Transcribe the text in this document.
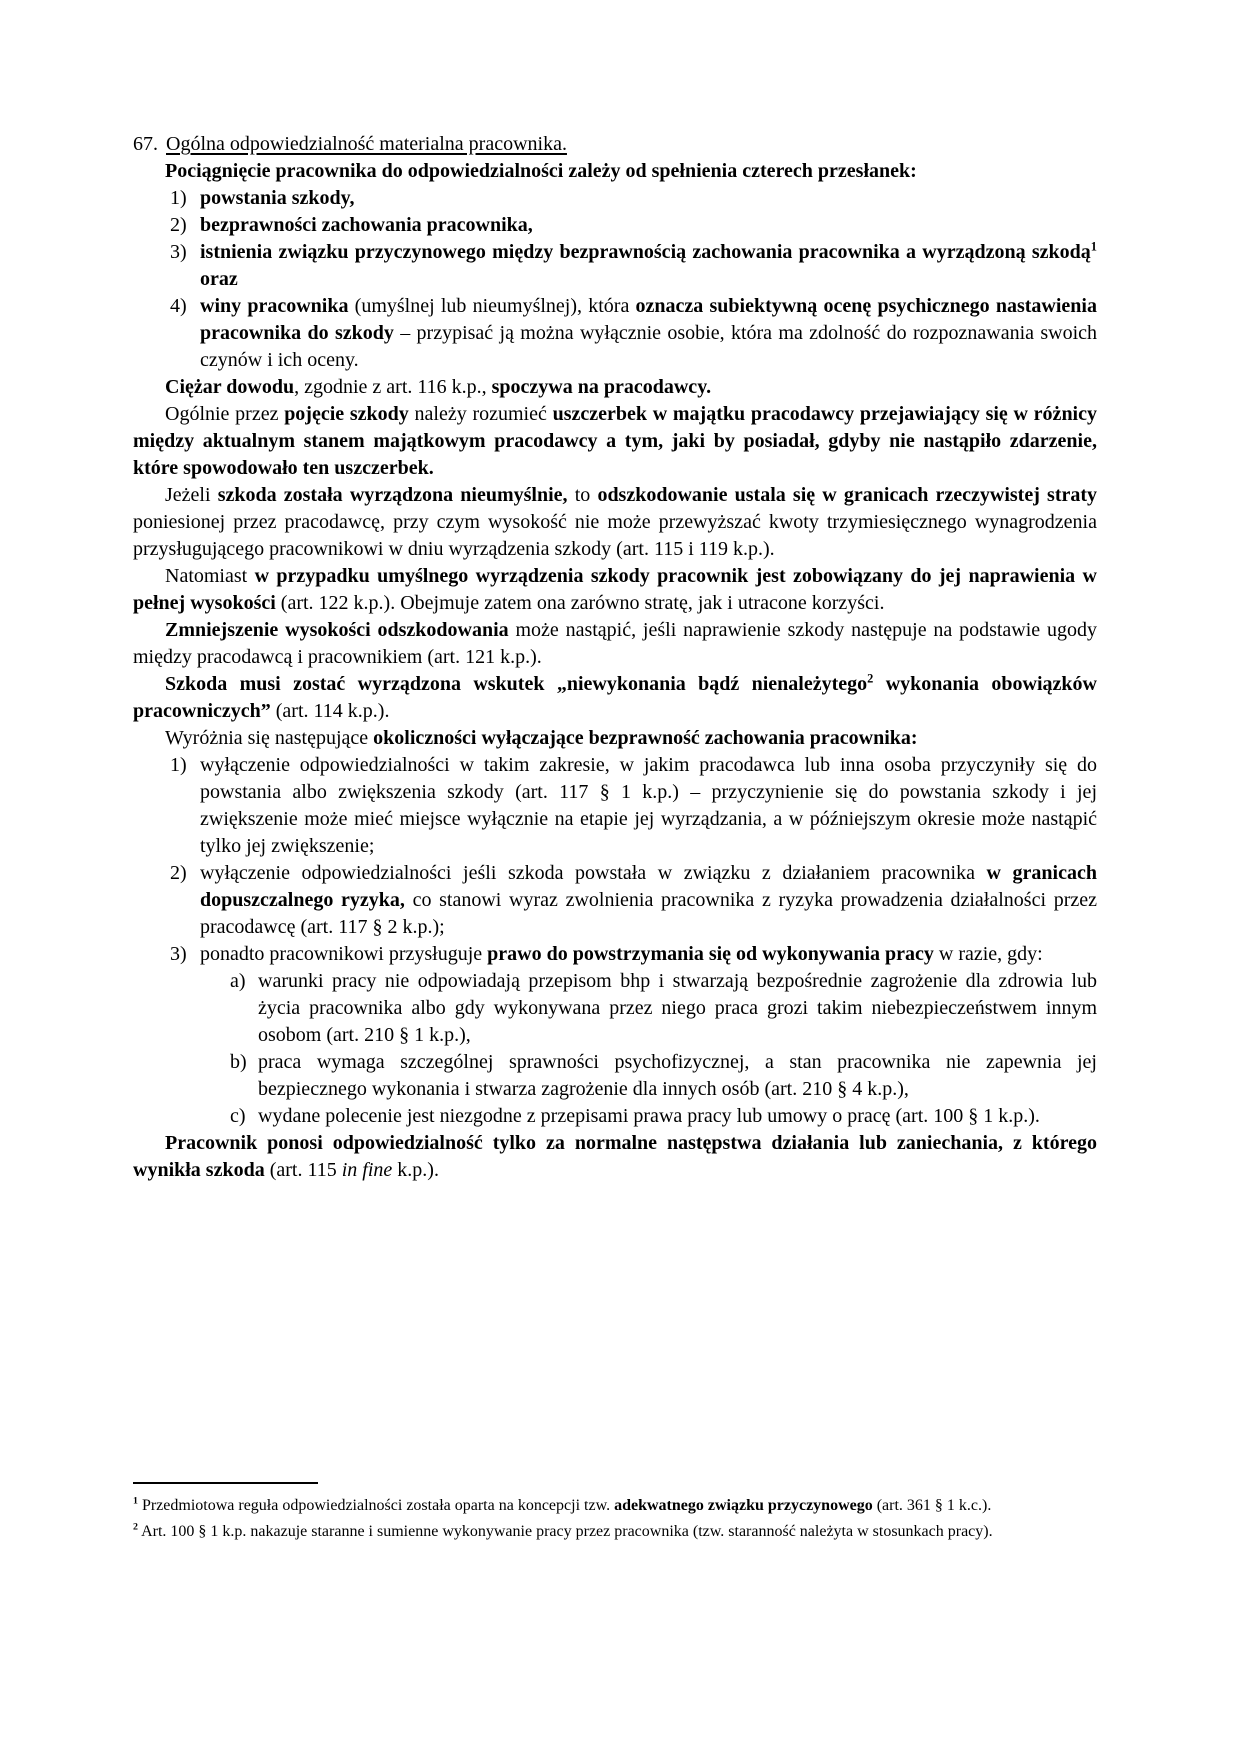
67. Ogólna odpowiedzialność materialna pracownika.
Pociągnięcie pracownika do odpowiedzialności zależy od spełnienia czterech przesłanek:
1) powstania szkody,
2) bezprawności zachowania pracownika,
3) istnienia związku przyczynowego między bezprawnością zachowania pracownika a wyrządzoną szkodą$^1$ oraz
4) winy pracownika (umyślnej lub nieumyślnej), która oznacza subiektywną ocenę psychicznego nastawienia pracownika do szkody – przypisać ją można wyłącznie osobie, która ma zdolność do rozpoznawania swoich czynów i ich oceny.
Ciężar dowodu, zgodnie z art. 116 k.p., spoczywa na pracodawcy.
Ogólnie przez pojęcie szkody należy rozumieć uszczerbek w majątku pracodawcy przejawiający się w różnicy między aktualnym stanem majątkowym pracodawcy a tym, jaki by posiadał, gdyby nie nastąpiło zdarzenie, które spowodowało ten uszczerbek.
Jeżeli szkoda została wyrządzona nieumyślnie, to odszkodowanie ustala się w granicach rzeczywistej straty poniesionej przez pracodawcę, przy czym wysokość nie może przewyższać kwoty trzymiesięcznego wynagrodzenia przysługującego pracownikowi w dniu wyrządzenia szkody (art. 115 i 119 k.p.).
Natomiast w przypadku umyślnego wyrządzenia szkody pracownik jest zobowiązany do jej naprawienia w pełnej wysokości (art. 122 k.p.). Obejmuje zatem ona zarówno stratę, jak i utracone korzyści.
Zmniejszenie wysokości odszkodowania może nastąpić, jeśli naprawienie szkody następuje na podstawie ugody między pracodawcą i pracownikiem (art. 121 k.p.).
Szkoda musi zostać wyrządzona wskutek „niewykonania bądź nienależytego$^2$ wykonania obowiązków pracowniczych” (art. 114 k.p.).
Wyróżnia się następujące okoliczności wyłączające bezprawność zachowania pracownika:
1) wyłączenie odpowiedzialności w takim zakresie, w jakim pracodawca lub inna osoba przyczyniły się do powstania albo zwiększenia szkody (art. 117 § 1 k.p.) – przyczynienie się do powstania szkody i jej zwiększenie może mieć miejsce wyłącznie na etapie jej wyrządzania, a w późniejszym okresie może nastąpić tylko jej zwiększenie;
2) wyłączenie odpowiedzialności jeśli szkoda powstała w związku z działaniem pracownika w granicach dopuszczalnego ryzyka, co stanowi wyraz zwolnienia pracownika z ryzyka prowadzenia działalności przez pracodawcę (art. 117 § 2 k.p.);
3) ponadto pracownikowi przysługuje prawo do powstrzymania się od wykonywania pracy w razie, gdy:
a) warunki pracy nie odpowiadają przepisom bhp i stwarzają bezpośrednie zagrożenie dla zdrowia lub życia pracownika albo gdy wykonywana przez niego praca grozi takim niebezpieczeństwem innym osobom (art. 210 § 1 k.p.),
b) praca wymaga szczególnej sprawności psychofizycznej, a stan pracownika nie zapewnia jej bezpiecznego wykonania i stwarza zagrożenie dla innych osób (art. 210 § 4 k.p.),
c) wydane polecenie jest niezgodne z przepisami prawa pracy lub umowy o pracę (art. 100 § 1 k.p.).
Pracownik ponosi odpowiedzialność tylko za normalne następstwa działania lub zaniechania, z którego wynikła szkoda (art. 115 in fine k.p.).
$^1$ Przedmiotowa reguła odpowiedzialności została oparta na koncepcji tzw. adekwatnego związku przyczynowego (art. 361 § 1 k.c.).
$^2$ Art. 100 § 1 k.p. nakazuje staranne i sumienne wykonywanie pracy przez pracownika (tzw. staranność należyta w stosunkach pracy).
